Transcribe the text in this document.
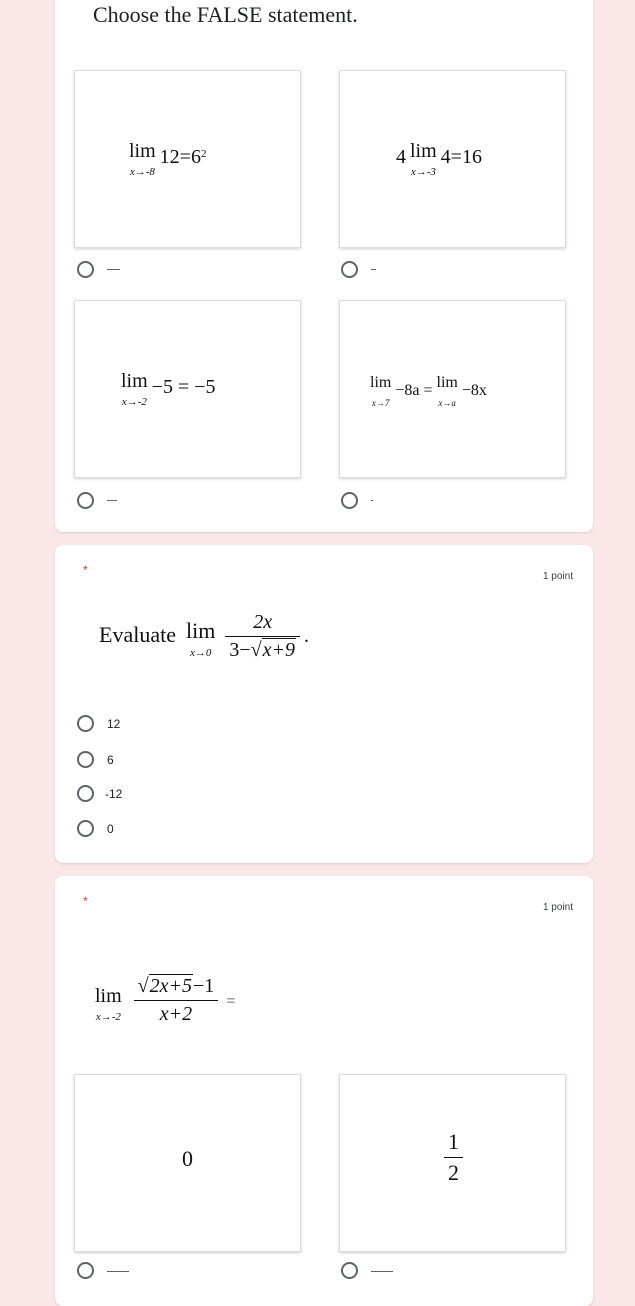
Choose the FALSE statement.
lim
x→-8 $12=6^2$	4 lim
x→-3 4=16
lim
x→-2 −5 = −5	lim
x→7 −8a = lim
x→a −8x
*	1 point
Evaluate lim
$x\to 0 \frac{2x}{3-√x+9}$ .
12
6
-12
0
*	1 point
lim
$x\to-2 \frac{√2x+5-1}{x+2}$ =
0	$\frac{1}{2}$
